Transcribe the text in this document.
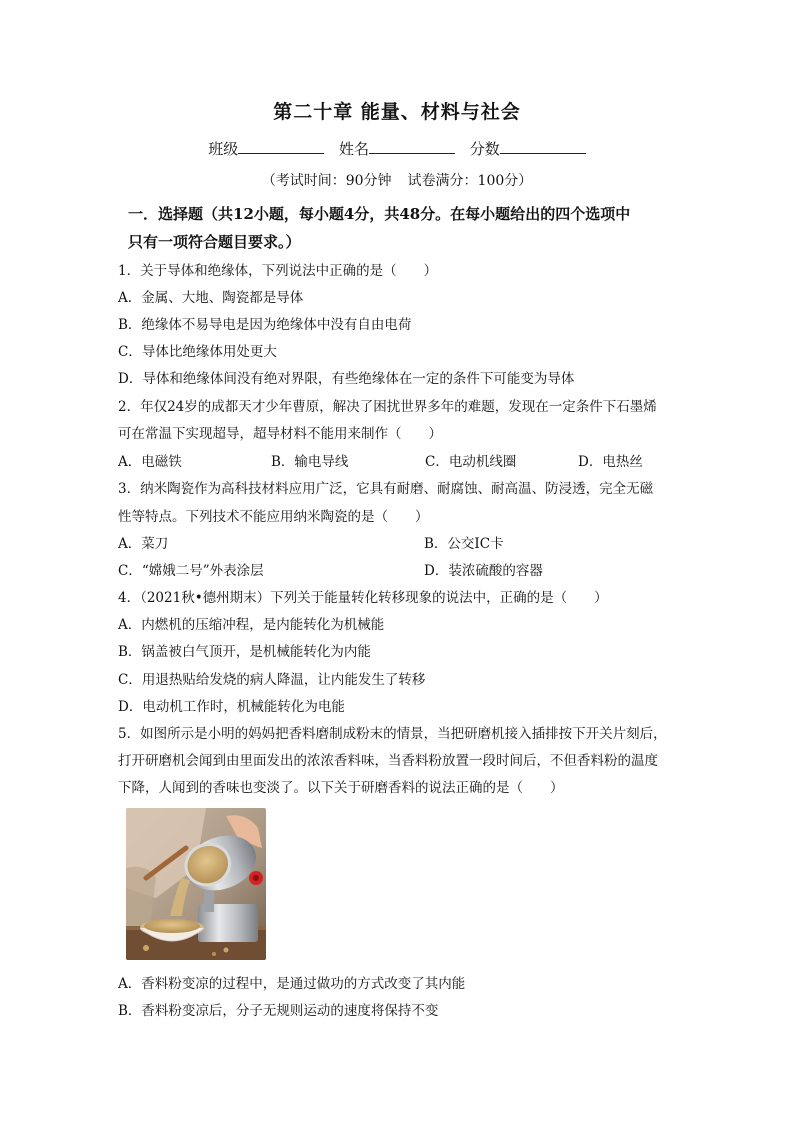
第二十章 能量、材料与社会
班级	姓名	分数
（考试时间：90分钟 试卷满分：100分）
一．选择题（共12小题，每小题4分，共48分。在每小题给出的四个选项中
只有一项符合题目要求。）
1．关于导体和绝缘体，下列说法中正确的是（　　）
A．金属、大地、陶瓷都是导体
B．绝缘体不易导电是因为绝缘体中没有自由电荷
C．导体比绝缘体用处更大
D．导体和绝缘体间没有绝对界限，有些绝缘体在一定的条件下可能变为导体
2．年仅24岁的成都天才少年曹原，解决了困扰世界多年的难题，发现在一定条件下石墨烯
可在常温下实现超导，超导材料不能用来制作（　　）
A．电磁铁	B．输电导线	C．电动机线圈	D．电热丝
3．纳米陶瓷作为高科技材料应用广泛，它具有耐磨、耐腐蚀、耐高温、防浸透，完全无磁
性等特点。下列技术不能应用纳米陶瓷的是（　　）
A．菜刀	B．公交IC卡
C．“嫦娥二号”外表涂层	D．装浓硫酸的容器
4．（2021秋•德州期末）下列关于能量转化转移现象的说法中，正确的是（　　）
A．内燃机的压缩冲程，是内能转化为机械能
B．锅盖被白气顶开，是机械能转化为内能
C．用退热贴给发烧的病人降温，让内能发生了转移
D．电动机工作时，机械能转化为电能
5．如图所示是小明的妈妈把香料磨制成粉末的情景，当把研磨机接入插排按下开关片刻后，
打开研磨机会闻到由里面发出的浓浓香料味，当香料粉放置一段时间后，不但香料粉的温度
下降，人闻到的香味也变淡了。以下关于研磨香料的说法正确的是（　　）
A．香料粉变凉的过程中，是通过做功的方式改变了其内能
B．香料粉变凉后，分子无规则运动的速度将保持不变
